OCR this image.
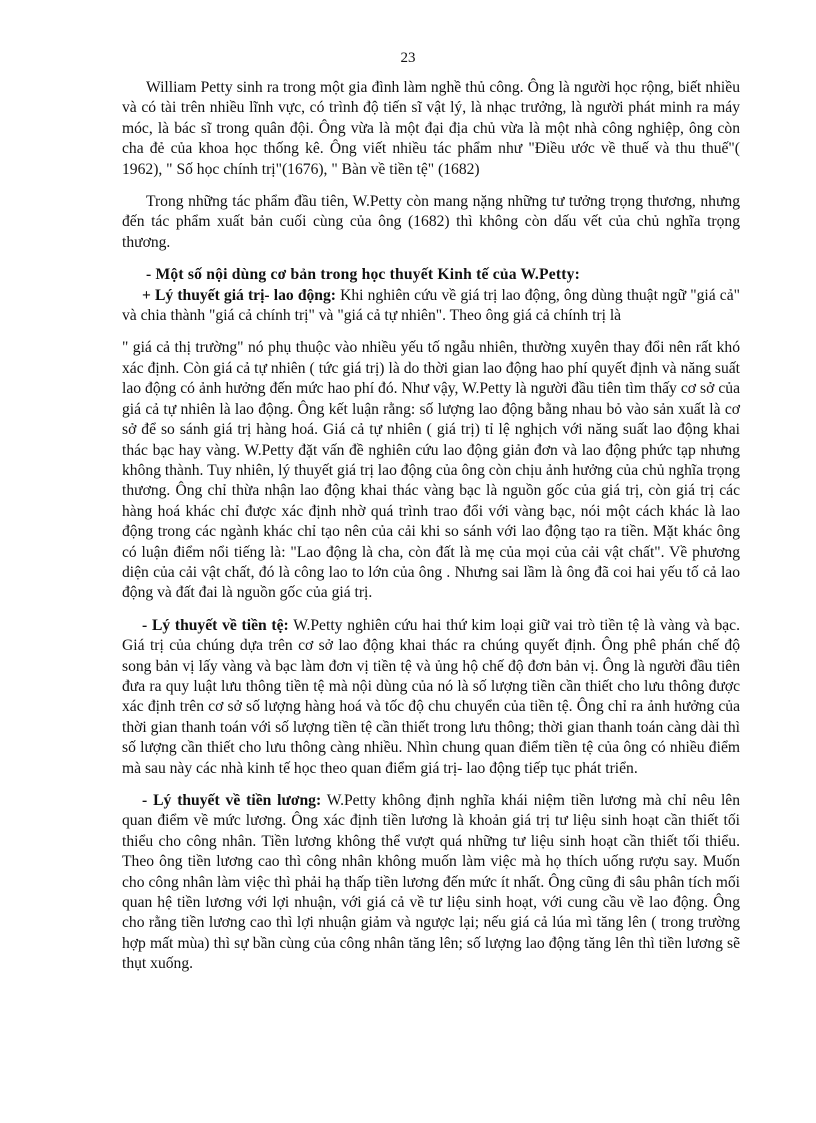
23

William Petty sinh ra trong một gia đình làm nghề thủ công. Ông là người học rộng, biết nhiều và có tài trên nhiều lĩnh vực, có trình độ tiến sĩ vật lý, là nhạc trưởng, là người phát minh ra máy móc, là bác sĩ trong quân đội. Ông vừa là một đại địa chủ vừa là một nhà công nghiệp, ông còn cha đẻ của khoa học thống kê. Ông viết nhiều tác phẩm như "Điều ước về thuế và thu thuế"( 1962), " Số học chính trị"(1676), " Bàn về tiền tệ" (1682)

Trong những tác phẩm đầu tiên, W.Petty còn mang nặng những tư tưởng trọng thương, nhưng đến tác phẩm xuất bản cuối cùng của ông (1682) thì không còn dấu vết của chủ nghĩa trọng thương.

- Một số nội dùng cơ bản trong học thuyết Kinh tế của W.Petty:

+ Lý thuyết giá trị- lao động: Khi nghiên cứu về giá trị lao động, ông dùng thuật ngữ "giá cả" và chia thành "giá cả chính trị" và "giá cả tự nhiên". Theo ông giá cả chính trị là

" giá cả thị trường" nó phụ thuộc vào nhiều yếu tố ngẫu nhiên, thường xuyên thay đổi nên rất khó xác định. Còn giá cả tự nhiên ( tức giá trị) là do thời gian lao động hao phí quyết định và năng suất lao động có ảnh hưởng đến mức hao phí đó. Như vậy, W.Petty là người đầu tiên tìm thấy cơ sở của giá cả tự nhiên là lao động. Ông kết luận rằng: số lượng lao động bằng nhau bỏ vào sản xuất là cơ sở để so sánh giá trị hàng hoá. Giá cả tự nhiên ( giá trị) tỉ lệ nghịch với năng suất lao động khai thác bạc hay vàng. W.Petty đặt vấn đề nghiên cứu lao động giản đơn và lao động phức tạp nhưng không thành. Tuy nhiên, lý thuyết giá trị lao động của ông còn chịu ảnh hưởng của chủ nghĩa trọng thương. Ông chỉ thừa nhận lao động khai thác vàng bạc là nguồn gốc của giá trị, còn giá trị các hàng hoá khác chỉ được xác định nhờ quá trình trao đổi với vàng bạc, nói một cách khác là lao động trong các ngành khác chỉ tạo nên của cải khi so sánh với lao động tạo ra tiền. Mặt khác ông có luận điểm nổi tiếng là: "Lao động là cha, còn đất là mẹ của mọi của cải vật chất". Về phương diện của cải vật chất, đó là công lao to lớn của ông . Nhưng sai lầm là ông đã coi hai yếu tố cả lao động và đất đai là nguồn gốc của giá trị.

- Lý thuyết về tiền tệ: W.Petty nghiên cứu hai thứ kim loại giữ vai trò tiền tệ là vàng và bạc. Giá trị của chúng dựa trên cơ sở lao động khai thác ra chúng quyết định. Ông phê phán chế độ song bản vị lấy vàng và bạc làm đơn vị tiền tệ và ủng hộ chế độ đơn bản vị. Ông là người đầu tiên đưa ra quy luật lưu thông tiền tệ mà nội dùng của nó là số lượng tiền cần thiết cho lưu thông được xác định trên cơ sở số lượng hàng hoá và tốc độ chu chuyển của tiền tệ. Ông chỉ ra ảnh hưởng của thời gian thanh toán với số lượng tiền tệ cần thiết trong lưu thông; thời gian thanh toán càng dài thì số lượng cần thiết cho lưu thông càng nhiều. Nhìn chung quan điểm tiền tệ của ông có nhiều điểm mà sau này các nhà kinh tế học theo quan điểm giá trị- lao động tiếp tục phát triển.

- Lý thuyết về tiền lương: W.Petty không định nghĩa khái niệm tiền lương mà chỉ nêu lên quan điểm về mức lương. Ông xác định tiền lương là khoản giá trị tư liệu sinh hoạt cần thiết tối thiểu cho công nhân. Tiền lương không thể vượt quá những tư liệu sinh hoạt cần thiết tối thiểu. Theo ông tiền lương cao thì công nhân không muốn làm việc mà họ thích uống rượu say. Muốn cho công nhân làm việc thì phải hạ thấp tiền lương đến mức ít nhất. Ông cũng đi sâu phân tích mối quan hệ tiền lương với lợi nhuận, với giá cả về tư liệu sinh hoạt, với cung cầu về lao động. Ông cho rằng tiền lương cao thì lợi nhuận giảm và ngược lại; nếu giá cả lúa mì tăng lên ( trong trường hợp mất mùa) thì sự bần cùng của công nhân tăng lên; số lượng lao động tăng lên thì tiền lương sẽ thụt xuống.
